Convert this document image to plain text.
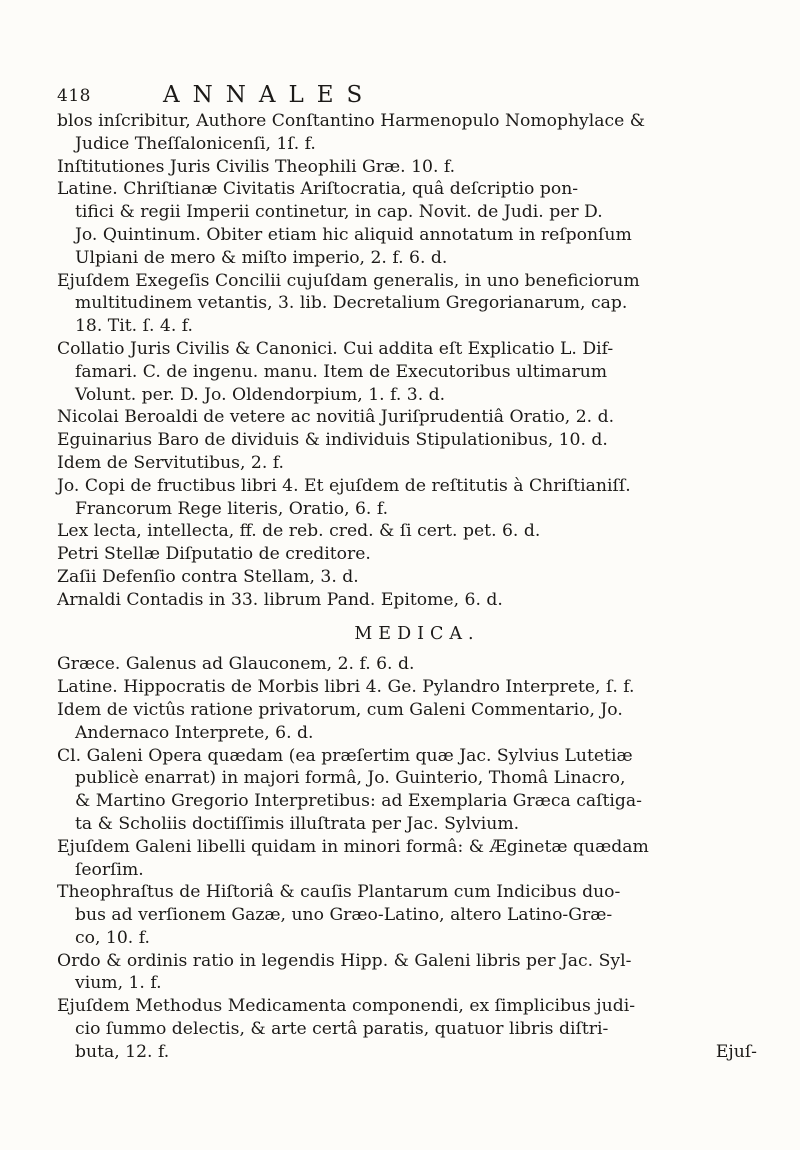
418	ANNALES
blos inſcribitur, Authore Conſtantino Harmenopulo Nomophylace &
Judice Theſſalonicenſi, 1ſ. f.
Inſtitutiones Juris Civilis Theophili Græ. 10. f.
Latine. Chriſtianæ Civitatis Ariſtocratia, quâ deſcriptio pon-
tifici & regii Imperii continetur, in cap. Novit. de Judi. per D.
Jo. Quintinum. Obiter etiam hic aliquid annotatum in reſponſum
Ulpiani de mero & miſto imperio, 2. f. 6. d.
Ejuſdem Exegeſis Concilii cujuſdam generalis, in uno beneficiorum
multitudinem vetantis, 3. lib. Decretalium Gregorianarum, cap.
18. Tit. ſ. 4. f.
Collatio Juris Civilis & Canonici. Cui addita eſt Explicatio L. Dif-
famari. C. de ingenu. manu. Item de Executoribus ultimarum
Volunt. per. D. Jo. Oldendorpium, 1. f. 3. d.
Nicolai Beroaldi de vetere ac novitiâ Juriſprudentiâ Oratio, 2. d.
Eguinarius Baro de dividuis & individuis Stipulationibus, 10. d.
Idem de Servitutibus, 2. f.
Jo. Copi de fructibus libri 4. Et ejuſdem de reſtitutis à Chriſtianiſſ.
Francorum Rege literis, Oratio, 6. f.
Lex lecta, intellecta, ff. de reb. cred. & ſi cert. pet. 6. d.
Petri Stellæ Diſputatio de creditore.
Zaſii Defenſio contra Stellam, 3. d.
Arnaldi Contadis in 33. librum Pand. Epitome, 6. d.
MEDICA.
Græce. Galenus ad Glauconem, 2. f. 6. d.
Latine. Hippocratis de Morbis libri 4. Ge. Pylandro Interprete, ſ. f.
Idem de victûs ratione privatorum, cum Galeni Commentario, Jo.
Andernaco Interprete, 6. d.
Cl. Galeni Opera quædam (ea præſertim quæ Jac. Sylvius Lutetiæ
publicè enarrat) in majori formâ, Jo. Guinterio, Thomâ Linacro,
& Martino Gregorio Interpretibus: ad Exemplaria Græca caſtiga-
ta & Scholiis doctiſſimis illuſtrata per Jac. Sylvium.
Ejuſdem Galeni libelli quidam in minori formâ: & Æginetæ quædam
ſeorſim.
Theophraſtus de Hiſtoriâ & cauſis Plantarum cum Indicibus duo-
bus ad verſionem Gazæ, uno Græo-Latino, altero Latino-Græ-
co, 10. f.
Ordo & ordinis ratio in legendis Hipp. & Galeni libris per Jac. Syl-
vium, 1. f.
Ejuſdem Methodus Medicamenta componendi, ex ſimplicibus judi-
cio ſummo delectis, & arte certâ paratis, quatuor libris diſtri-
buta, 12. f.	Ejuſ-
